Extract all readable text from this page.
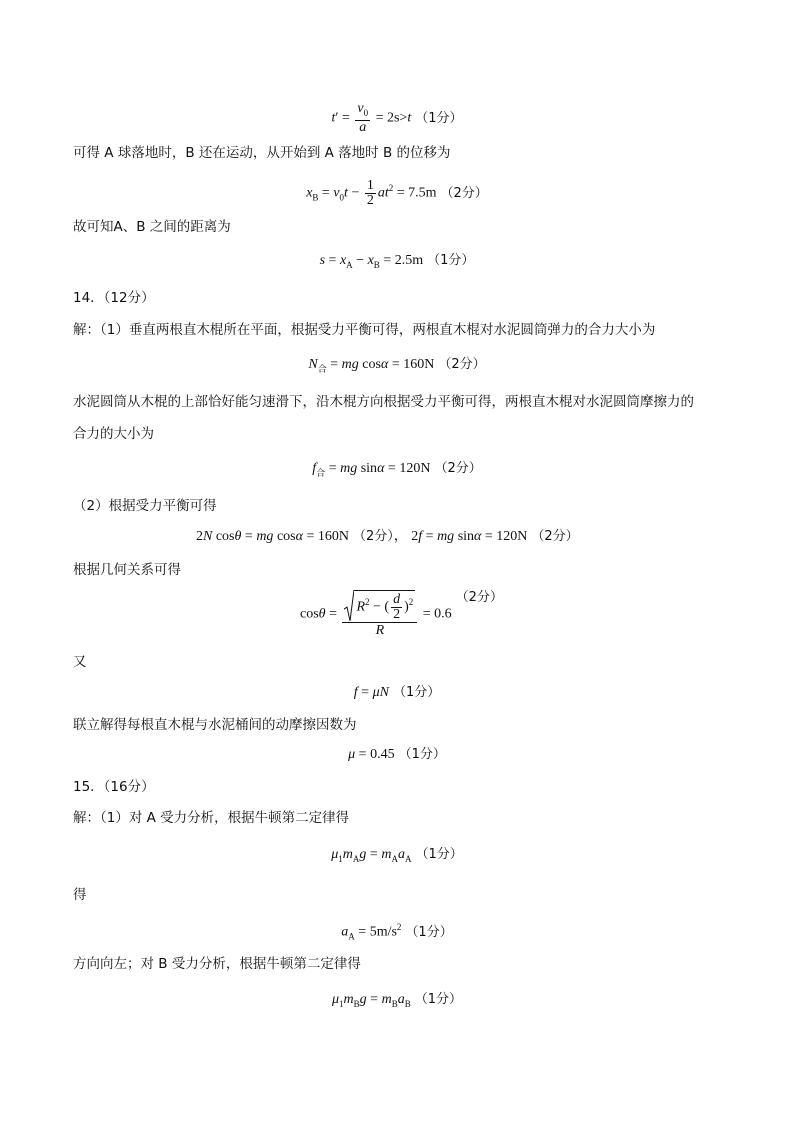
$t' = \frac{v_0}{a} = 2s>t$ （1分）
可得 A 球落地时，B 还在运动，从开始到 A 落地时 B 的位移为
$x_B = v_0t - \frac{1}{2} at^2 = 7.5m$ （2分）
故可知A、B 之间的距离为
$s = x_A - x_B = 2.5m$ （1分）
14．（12分）
解：（1）垂直两根直木棍所在平面，根据受力平衡可得，两根直木棍对水泥圆筒弹力的合力大小为
$N_合$ = mg cosα = 160N （2分）
水泥圆筒从木棍的上部恰好能匀速滑下，沿木棍方向根据受力平衡可得，两根直木棍对水泥圆筒摩擦力的
合力的大小为
$f_合$ = mg sinα = 120N （2分）
（2）根据受力平衡可得
2N cosθ = mg cosα = 160N （2分）， 2f = mg sinα = 120N （2分）
根据几何关系可得
$\cos\theta = \frac{R^2 - ( \frac{d}{2} )^2}{R} = 0.6(2$分）
又
f = μN （1分）
联立解得每根直木棍与水泥桶间的动摩擦因数为
μ = 0.45 （1分）
15．（16分）
解：（1）对 A 受力分析，根据牛顿第二定律得
$\mu_1m_Ag = m_Aa_A$ （1分）
得
$a_A = 5m/s^2$ （1分）
方向向左；对 B 受力分析，根据牛顿第二定律得
$\mu_1m_Bg = m_Ba_B$ （1分）
